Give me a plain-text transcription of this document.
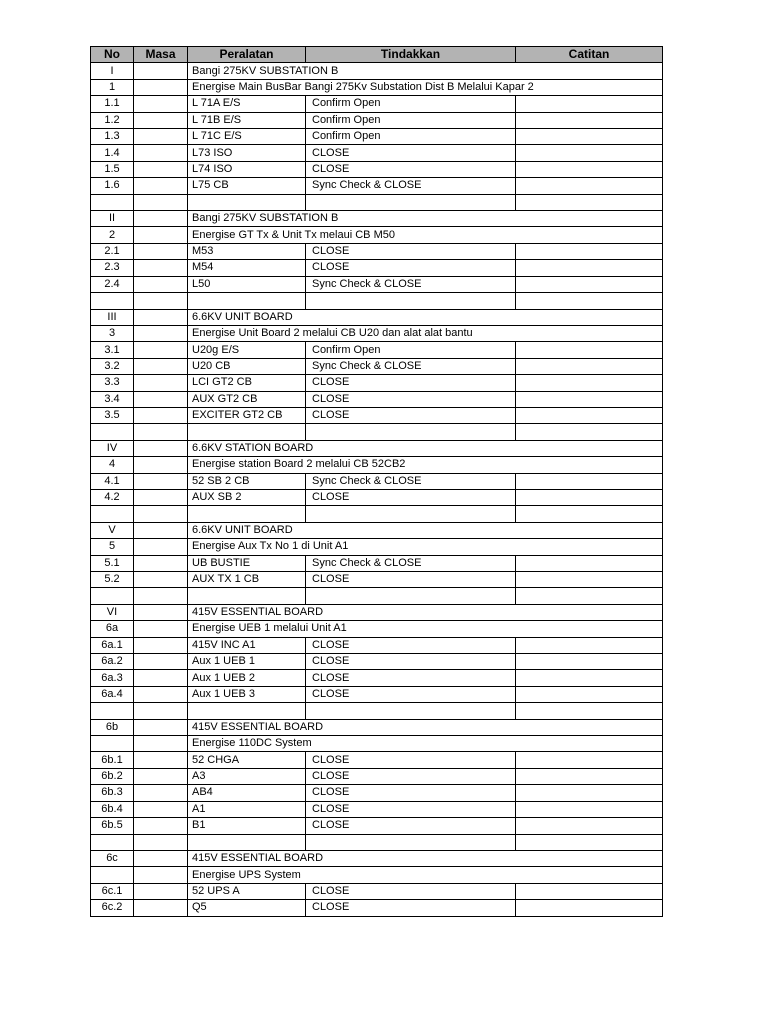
No	Masa	Peralatan	Tindakkan	Catitan
I		Bangi 275KV SUBSTATION B		
1		Energise Main BusBar Bangi 275Kv Substation Dist B Melalui Kapar 2		
1.1		L 71A E/S	Confirm Open	
1.2		L 71B E/S	Confirm Open	
1.3		L 71C E/S	Confirm Open	
1.4		L73 ISO	CLOSE	
1.5		L74 ISO	CLOSE	
1.6		L75 CB	Sync Check & CLOSE	

II		Bangi 275KV SUBSTATION B		
2		Energise GT Tx & Unit Tx melaui CB M50		
2.1		M53	CLOSE	
2.3		M54	CLOSE	
2.4		L50	Sync Check & CLOSE	

III		6.6KV UNIT BOARD		
3		Energise Unit Board 2 melalui CB U20 dan alat alat bantu		
3.1		U20g E/S	Confirm Open	
3.2		U20 CB	Sync Check & CLOSE	
3.3		LCI GT2 CB	CLOSE	
3.4		AUX GT2 CB	CLOSE	
3.5		EXCITER GT2 CB	CLOSE	

IV		6.6KV STATION BOARD		
4		Energise station Board 2 melalui CB 52CB2		
4.1		52 SB 2 CB	Sync Check & CLOSE	
4.2		AUX SB 2	CLOSE	

V		6.6KV UNIT BOARD		
5		Energise Aux Tx No 1 di Unit A1		
5.1		UB BUSTIE	Sync Check & CLOSE	
5.2		AUX TX 1 CB	CLOSE	

VI		415V ESSENTIAL BOARD		
6a		Energise UEB 1 melalui Unit A1		
6a.1		415V INC A1	CLOSE	
6a.2		Aux 1 UEB 1	CLOSE	
6a.3		Aux 1 UEB 2	CLOSE	
6a.4		Aux 1 UEB 3	CLOSE	

6b		415V ESSENTIAL BOARD		
		Energise 110DC System		
6b.1		52 CHGA	CLOSE	
6b.2		A3	CLOSE	
6b.3		AB4	CLOSE	
6b.4		A1	CLOSE	
6b.5		B1	CLOSE	

6c		415V ESSENTIAL BOARD		
		Energise UPS System		
6c.1		52 UPS A	CLOSE	
6c.2		Q5	CLOSE	
